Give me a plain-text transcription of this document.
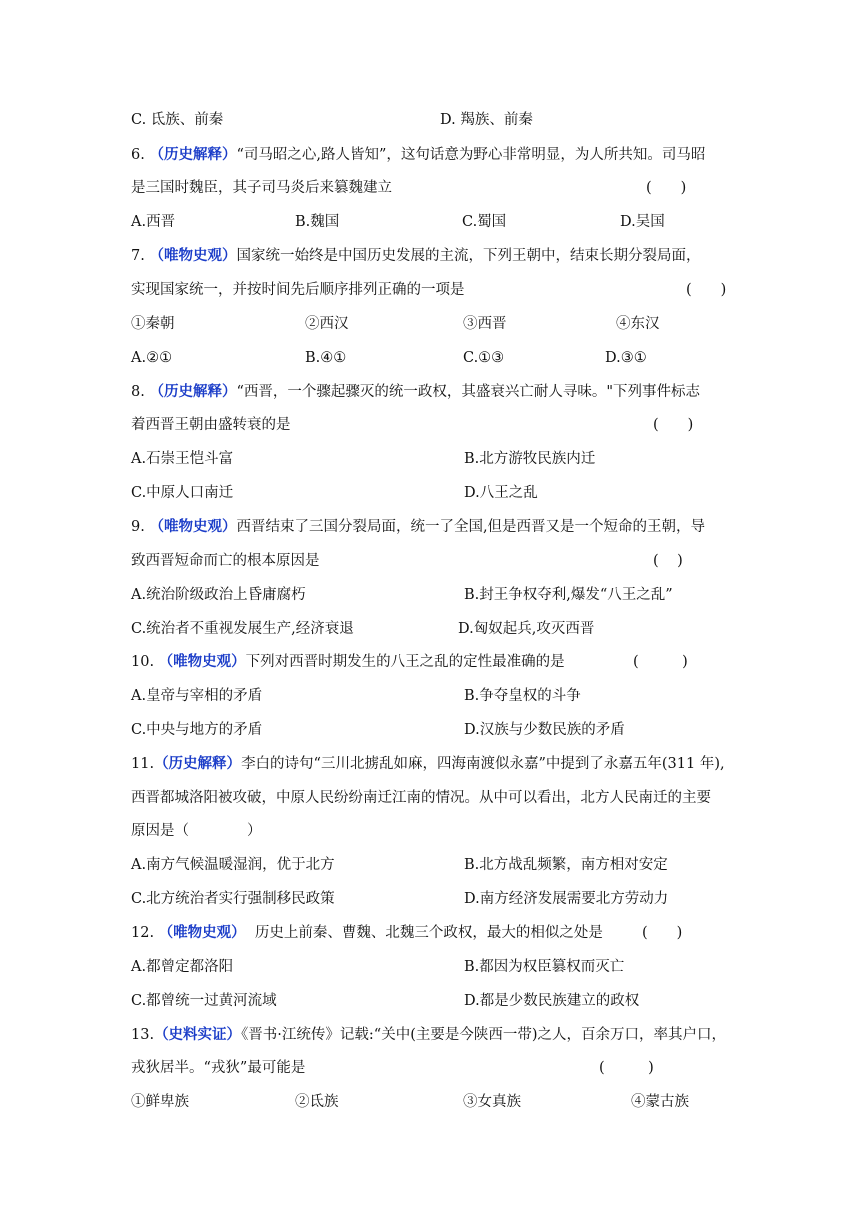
C. 氐族、前秦	D. 羯族、前秦
6. （历史解释）“司马昭之心,路人皆知”，这句话意为野心非常明显，为人所共知。司马昭
是三国时魏臣，其子司马炎后来篡魏建立	(　　)
A.西晋	B.魏国	C.蜀国	D.吴国
7. （唯物史观）国家统一始终是中国历史发展的主流，下列王朝中，结束长期分裂局面，
实现国家统一，并按时间先后顺序排列正确的一项是	(　　)
①秦朝	②西汉	③西晋	④东汉
A.②①	B.④①	C.①③	D.③①
8. （历史解释）“西晋，一个骤起骤灭的统一政权，其盛衰兴亡耐人寻味。"下列事件标志
着西晋王朝由盛转衰的是	(　　)
A.石崇王恺斗富	B.北方游牧民族内迁
C.中原人口南迁	D.八王之乱
9. （唯物史观）西晋结束了三国分裂局面，统一了全国,但是西晋又是一个短命的王朝，导
致西晋短命而亡的根本原因是	(    )
A.统治阶级政治上昏庸腐朽	B.封王争权夺利,爆发“八王之乱”
C.统治者不重视发展生产,经济衰退	D.匈奴起兵,攻灭西晋
10. （唯物史观）下列对西晋时期发生的八王之乱的定性最准确的是	(　　　)
A.皇帝与宰相的矛盾	B.争夺皇权的斗争
C.中央与地方的矛盾	D.汉族与少数民族的矛盾
11.（历史解释）李白的诗句“三川北掳乱如麻，四海南渡似永嘉”中提到了永嘉五年(311 年),
西晋都城洛阳被攻破，中原人民纷纷南迁江南的情况。从中可以看出，北方人民南迁的主要
原因是（　　　　）
A.南方气候温暖湿润，优于北方	B.北方战乱频繁，南方相对安定
C.北方统治者实行强制移民政策	D.南方经济发展需要北方劳动力
12. （唯物史观） 历史上前秦、曹魏、北魏三个政权，最大的相似之处是	(　　)
A.都曾定都洛阳	B.都因为权臣篡权而灭亡
C.都曾统一过黄河流域	D.都是少数民族建立的政权
13.（史料实证）《晋书·江统传》记载:“关中(主要是今陕西一带)之人，百余万口，率其户口，
戎狄居半。“戎狄”最可能是	(　　　)
①鲜卑族	②氐族	③女真族	④蒙古族
